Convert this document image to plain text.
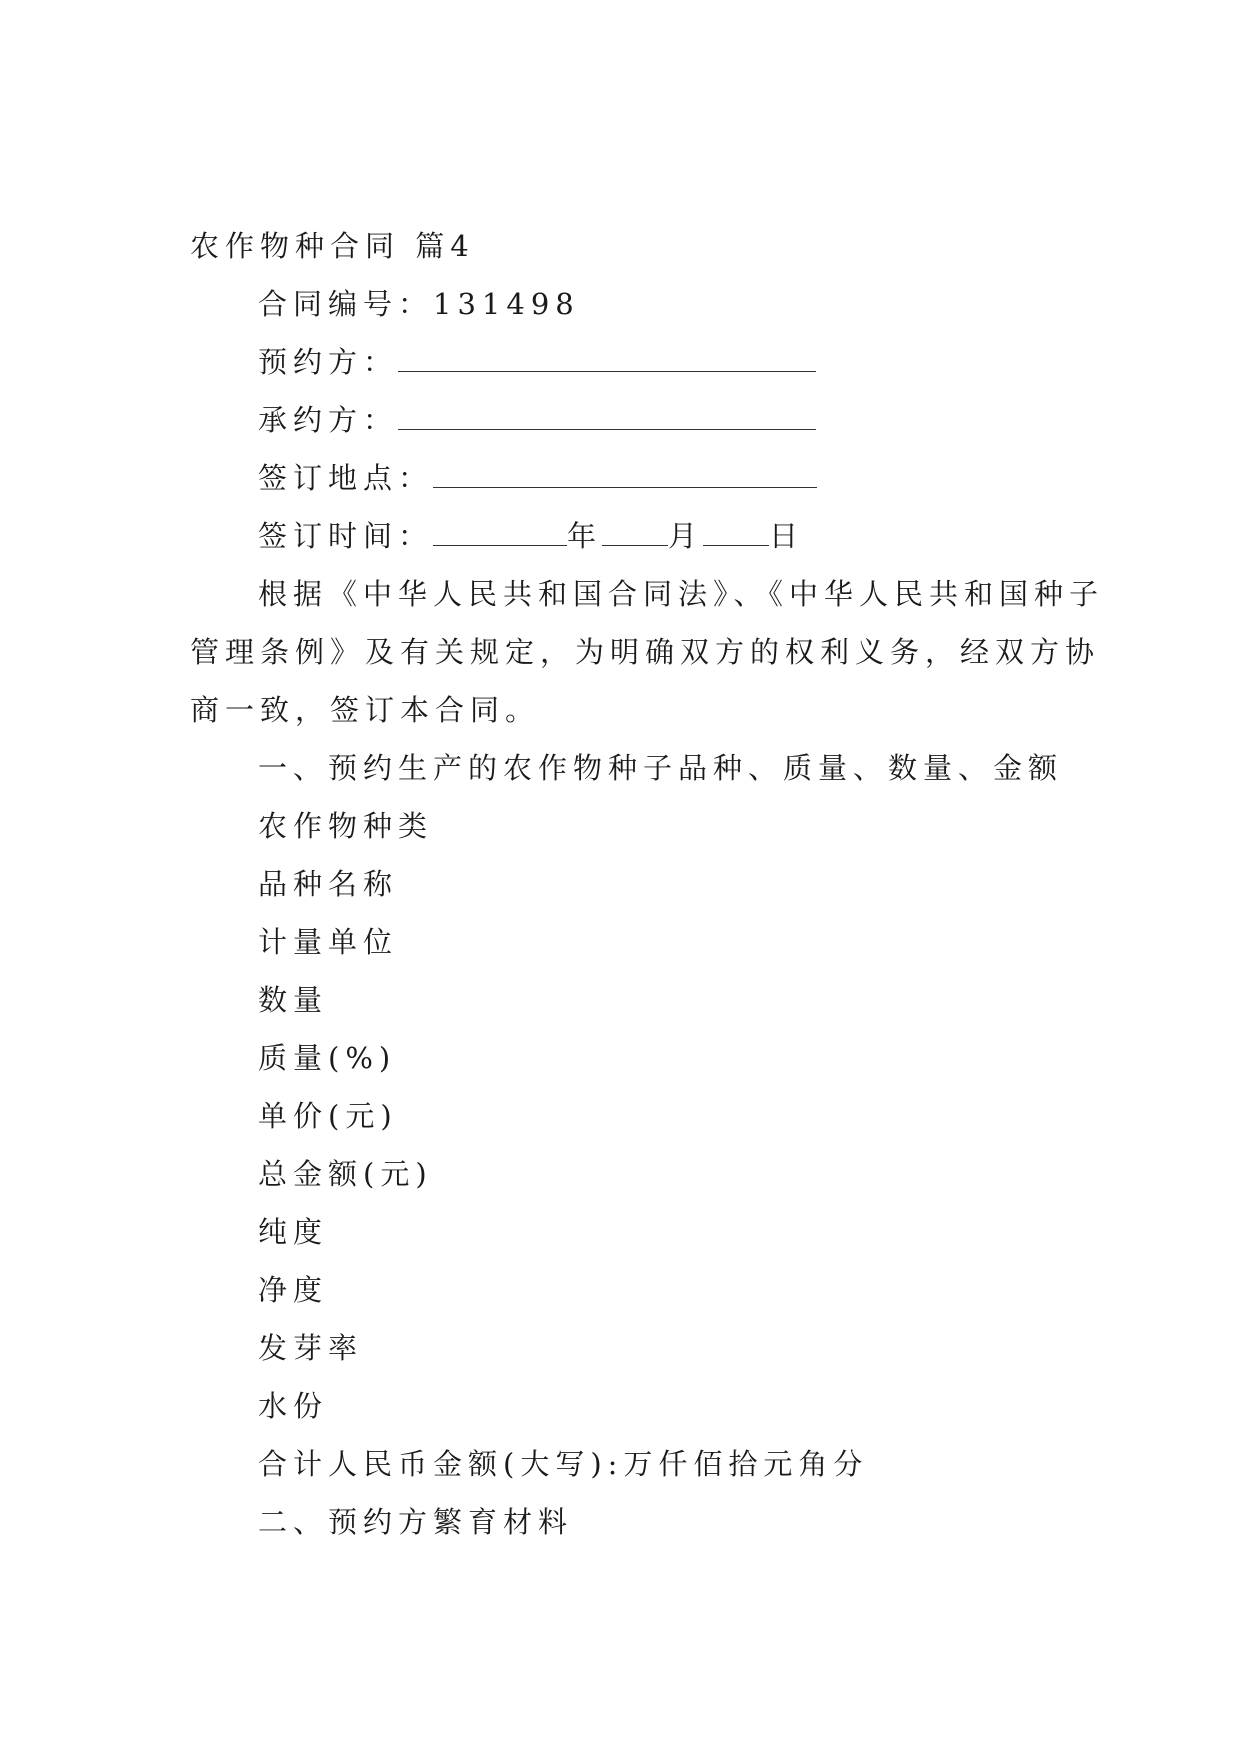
农作物种合同 篇4
合同编号：131498
预约方：
承约方：
签订地点：
签订时间：	年 月 日
根据《中华人民共和国合同法》、《中华人民共和国种子
管理条例》及有关规定，为明确双方的权利义务，经双方协
商一致，签订本合同。
一、预约生产的农作物种子品种、质量、数量、金额
农作物种类
品种名称
计量单位
数量
质量(%)
单价(元)
总金额(元)
纯度
净度
发芽率
水份
合计人民币金额(大写):万仟佰拾元角分
二、预约方繁育材料
